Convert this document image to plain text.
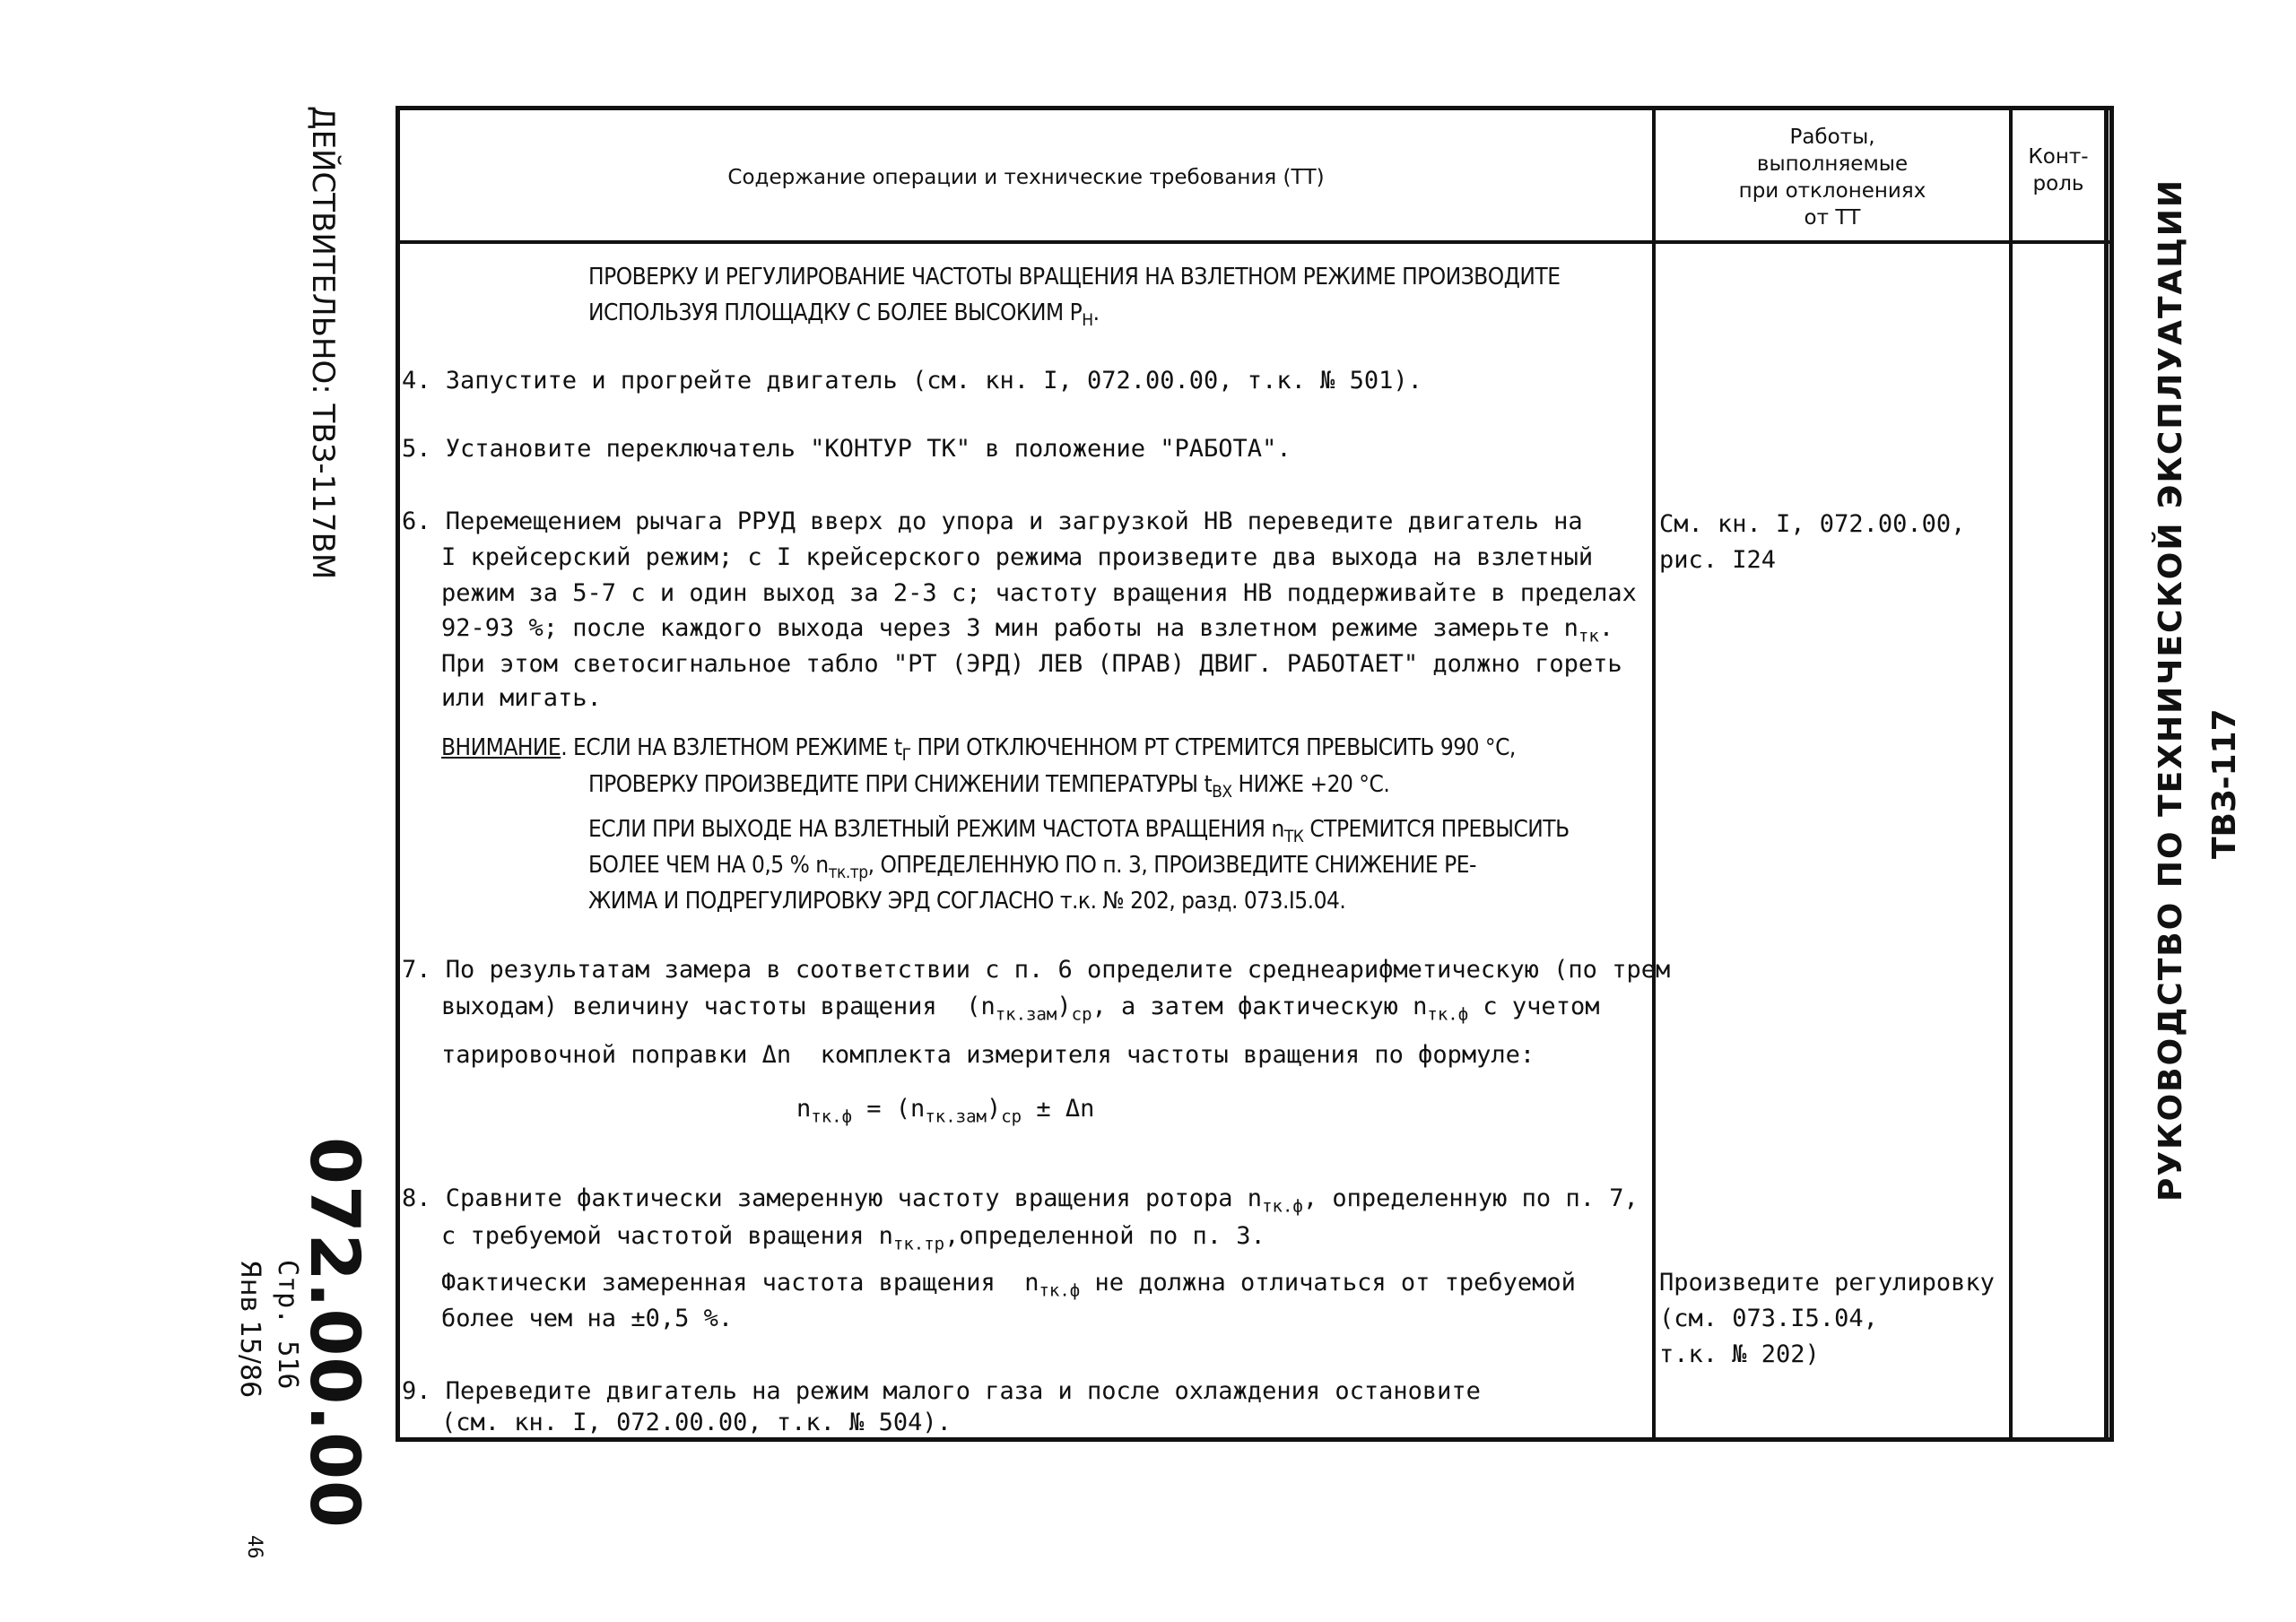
ДЕЙСТВИТЕЛЬНО: ТВЗ-117ВМ
072.00.00
Стр. 516
Янв 15/86
46
РУКОВОДСТВО ПО ТЕХНИЧЕСКОЙ ЭКСПЛУАТАЦИИ ТВЗ-117
Содержание операции и технические требования (ТТ)
Работы,
выполняемые
при отклонениях
от ТТ
Конт-
роль
ПРОВЕРКУ И РЕГУЛИРОВАНИЕ ЧАСТОТЫ ВРАЩЕНИЯ НА ВЗЛЕТНОМ РЕЖИМЕ ПРОИЗВОДИТЕ
ИСПОЛЬЗУЯ ПЛОЩАДКУ С БОЛЕЕ ВЫСОКИМ $Р_Н$.
4. Запустите и прогрейте двигатель (см. кн. I, 072.00.00, т.к. № 501).
5. Установите переключатель "КОНТУР ТК" в положение "РАБОТА".
6. Перемещением рычага РРУД вверх до упора и загрузкой НВ переведите двигатель на
I крейсерский режим; с I крейсерского режима произведите два выхода на взлетный
режим за 5-7 с и один выход за 2-3 с; частоту вращения НВ поддерживайте в пределах
92-93 %; после каждого выхода через 3 мин работы на взлетном режиме замерьте $n_{тк}$.
При этом светосигнальное табло "РТ (ЭРД) ЛЕВ (ПРАВ) ДВИГ. РАБОТАЕТ" должно гореть
или мигать.
ВНИМАНИЕ. ЕСЛИ НА ВЗЛЕТНОМ РЕЖИМЕ $t_Г$ ПРИ ОТКЛЮЧЕННОМ РТ СТРЕМИТСЯ ПРЕВЫСИТЬ 990 °С,
ПРОВЕРКУ ПРОИЗВЕДИТЕ ПРИ СНИЖЕНИИ ТЕМПЕРАТУРЫ $t_{ВХ}$ НИЖЕ +20 °С.
ЕСЛИ ПРИ ВЫХОДЕ НА ВЗЛЕТНЫЙ РЕЖИМ ЧАСТОТА ВРАЩЕНИЯ $n_{ТК}$ СТРЕМИТСЯ ПРЕВЫСИТЬ
БОЛЕЕ ЧЕМ НА 0,5 % $n_{тк.тр}$, ОПРЕДЕЛЕННУЮ ПО п. 3, ПРОИЗВЕДИТЕ СНИЖЕНИЕ РЕ-
ЖИМА И ПОДРЕГУЛИРОВКУ ЭРД СОГЛАСНО т.к. № 202, разд. 073.I5.04.
7. По результатам замера в соответствии с п. 6 определите среднеарифметическую (по трем
выходам) величину частоты вращения  $(n_{тк.зам})_{ср}$, а затем фактическую $n_{тк.ф}$ с учетом
тарировочной поправки Δn  комплекта измерителя частоты вращения по формуле:
$n_{тк.ф} = (n_{тк.зам})_{ср} \pm \Delta n$
8. Сравните фактически замеренную частоту вращения ротора $n_{тк.ф}$, определенную по п. 7,
с требуемой частотой вращения $n_{тк.тр},определенной$ по п. 3.
Фактически замеренная частота вращения  $n_{тк.ф}$ не должна отличаться от требуемой
более чем на ±0,5 %.
9. Переведите двигатель на режим малого газа и после охлаждения остановите
(см. кн. I, 072.00.00, т.к. № 504).
См. кн. I, 072.00.00,
рис. I24
Произведите регулировку
(см. 073.I5.04,
т.к. № 202)
